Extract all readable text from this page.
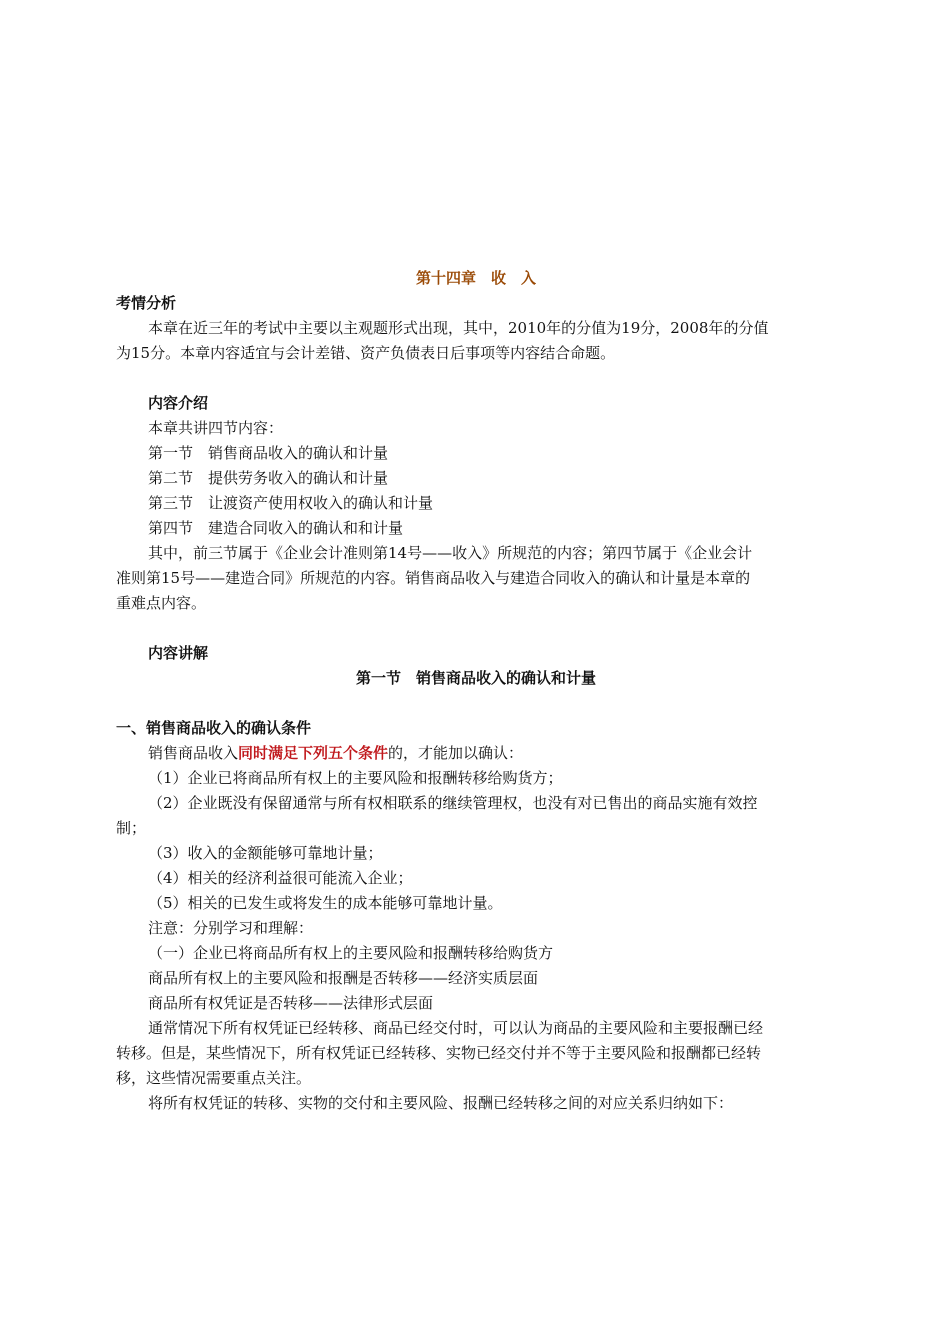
第十四章　收　入
考情分析
本章在近三年的考试中主要以主观题形式出现，其中，2010年的分值为19分，2008年的分值
为15分。本章内容适宜与会计差错、资产负债表日后事项等内容结合命题。
内容介绍
本章共讲四节内容：
第一节　销售商品收入的确认和计量
第二节　提供劳务收入的确认和计量
第三节　让渡资产使用权收入的确认和计量
第四节　建造合同收入的确认和和计量
其中，前三节属于《企业会计准则第14号——收入》所规范的内容；第四节属于《企业会计
准则第15号——建造合同》所规范的内容。销售商品收入与建造合同收入的确认和计量是本章的
重难点内容。
内容讲解
第一节　销售商品收入的确认和计量
一、销售商品收入的确认条件
销售商品收入同时满足下列五个条件的，才能加以确认：
（1）企业已将商品所有权上的主要风险和报酬转移给购货方；
（2）企业既没有保留通常与所有权相联系的继续管理权，也没有对已售出的商品实施有效控
制；
（3）收入的金额能够可靠地计量；
（4）相关的经济利益很可能流入企业；
（5）相关的已发生或将发生的成本能够可靠地计量。
注意：分别学习和理解：
（一）企业已将商品所有权上的主要风险和报酬转移给购货方
商品所有权上的主要风险和报酬是否转移——经济实质层面
商品所有权凭证是否转移——法律形式层面
通常情况下所有权凭证已经转移、商品已经交付时，可以认为商品的主要风险和主要报酬已经
转移。但是，某些情况下，所有权凭证已经转移、实物已经交付并不等于主要风险和报酬都已经转
移，这些情况需要重点关注。
将所有权凭证的转移、实物的交付和主要风险、报酬已经转移之间的对应关系归纳如下：
